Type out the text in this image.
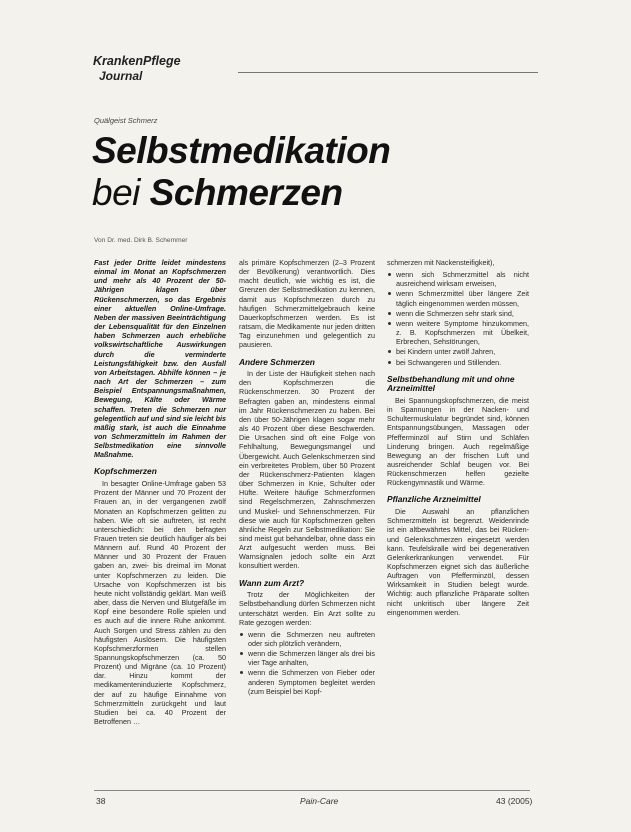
KrankenPflege
Journal
Quälgeist Schmerz
Selbstmedikation
bei Schmerzen
Von Dr. med. Dirk B. Schemmer

Fast jeder Dritte leidet mindestens einmal im Monat an Kopfschmerzen und mehr als 40 Prozent der 50-Jährigen klagen über Rückenschmerzen, so das Ergebnis einer aktuellen Online-Umfrage. Neben der massiven Beeinträchtigung der Lebensqualität für den Einzelnen haben Schmerzen auch erhebliche volkswirtschaftliche Auswirkungen durch die verminderte Leistungsfähigkeit bzw. den Ausfall von Arbeitstagen. Abhilfe können – je nach Art der Schmerzen – zum Beispiel Entspannungsmaßnahmen, Bewegung, Kälte oder Wärme schaffen. Treten die Schmerzen nur gelegentlich auf und sind sie leicht bis mäßig stark, ist auch die Einnahme von Schmerzmitteln im Rahmen der Selbstmedikation eine sinnvolle Maßnahme.

Kopfschmerzen

In besagter Online-Umfrage gaben 53 Prozent der Männer und 70 Prozent der Frauen an, in der vergangenen zwölf Monaten an Kopfschmerzen gelitten zu haben. Wie oft sie auftreten, ist recht unterschiedlich: bei den befragten Frauen treten sie deutlich häufiger als bei Männern auf. Rund 40 Prozent der Männer und 30 Prozent der Frauen gaben an, zwei- bis dreimal im Monat unter Kopfschmerzen zu leiden. Die Ursache von Kopfschmerzen ist bis heute nicht vollständig geklärt. Man weiß aber, dass die Nerven und Blutgefäße im Kopf eine besondere Rolle spielen und es auch auf die innere Ruhe ankommt. Auch Sorgen und Stress zählen zu den häufigsten Auslösern. Die häufigsten Kopfschmerzformen stellen Spannungskopfschmerzen (ca. 50 Prozent) und Migräne (ca. 10 Prozent) dar. Hinzu kommt der medikamenteninduzierte Kopfschmerz, der auf zu häufige Einnahme von Schmerzmitteln zurückgeht und laut Studien bei ca. 40 Prozent der Betroffenen …

als primäre Kopfschmerzen (2–3 Prozent der Bevölkerung) verantwortlich. Dies macht deutlich, wie wichtig es ist, die Grenzen der Selbstmedikation zu kennen, damit aus Kopfschmerzen durch zu häufigen Schmerzmittelgebrauch keine Dauerkopfschmerzen werden. Es ist ratsam, die Medikamente nur jeden dritten Tag einzunehmen und gelegentlich zu pausieren.

Andere Schmerzen

In der Liste der Häufigkeit stehen nach den Kopfschmerzen die Rückenschmerzen. 30 Prozent der Befragten gaben an, mindestens einmal im Jahr Rückenschmerzen zu haben. Bei den über 50-Jährigen klagen sogar mehr als 40 Prozent über diese Beschwerden. Die Ursachen sind oft eine Folge von Fehlhaltung, Bewegungsmangel und Übergewicht. Auch Gelenkschmerzen sind ein verbreitetes Problem, über 50 Prozent der Rückenschmerz-Patienten klagen über Schmerzen in Knie, Schulter oder Hüfte. Weitere häufige Schmerzformen sind Regelschmerzen, Zahnschmerzen und Muskel- und Sehnenschmerzen. Für diese wie auch für Kopfschmerzen gelten ähnliche Regeln zur Selbstmedikation: Sie sind meist gut behandelbar, ohne dass ein Arzt aufgesucht werden muss. Bei Warnsignalen jedoch sollte ein Arzt konsultiert werden.

Wann zum Arzt?

Trotz der Möglichkeiten der Selbstbehandlung dürfen Schmerzen nicht unterschätzt werden. Ein Arzt sollte zu Rate gezogen werden:

wenn die Schmerzen neu auftreten oder sich plötzlich verändern,
wenn die Schmerzen länger als drei bis vier Tage anhalten,
wenn die Schmerzen von Fieber oder anderen Symptomen begleitet werden (zum Beispiel bei Kopf-

schmerzen mit Nackensteifigkeit),

wenn sich Schmerzmittel als nicht ausreichend wirksam erweisen,
wenn Schmerzmittel über längere Zeit täglich eingenommen werden müssen,
wenn die Schmerzen sehr stark sind,
wenn weitere Symptome hinzukommen, z. B. Kopfschmerzen mit Übelkeit, Erbrechen, Sehstörungen,
bei Kindern unter zwölf Jahren,
bei Schwangeren und Stillenden.
Selbstbehandlung mit und ohne Arzneimittel

Bei Spannungskopfschmerzen, die meist in Spannungen in der Nacken- und Schultermuskulatur begründet sind, können Entspannungsübungen, Massagen oder Pfefferminzöl auf Stirn und Schläfen Linderung bringen. Auch regelmäßige Bewegung an der frischen Luft und ausreichender Schlaf beugen vor. Bei Rückenschmerzen helfen gezielte Rückengymnastik und Wärme.

Pflanzliche Arzneimittel

Die Auswahl an pflanzlichen Schmerzmitteln ist begrenzt. Weidenrinde ist ein altbewährtes Mittel, das bei Rücken- und Gelenkschmerzen eingesetzt werden kann. Teufelskralle wird bei degenerativen Gelenkerkrankungen verwendet. Für Kopfschmerzen eignet sich das äußerliche Auftragen von Pfefferminzöl, dessen Wirksamkeit in Studien belegt wurde. Wichtig: auch pflanzliche Präparate sollten nicht unkritisch über längere Zeit eingenommen werden.

38	Pain-Care	43 (2005)
